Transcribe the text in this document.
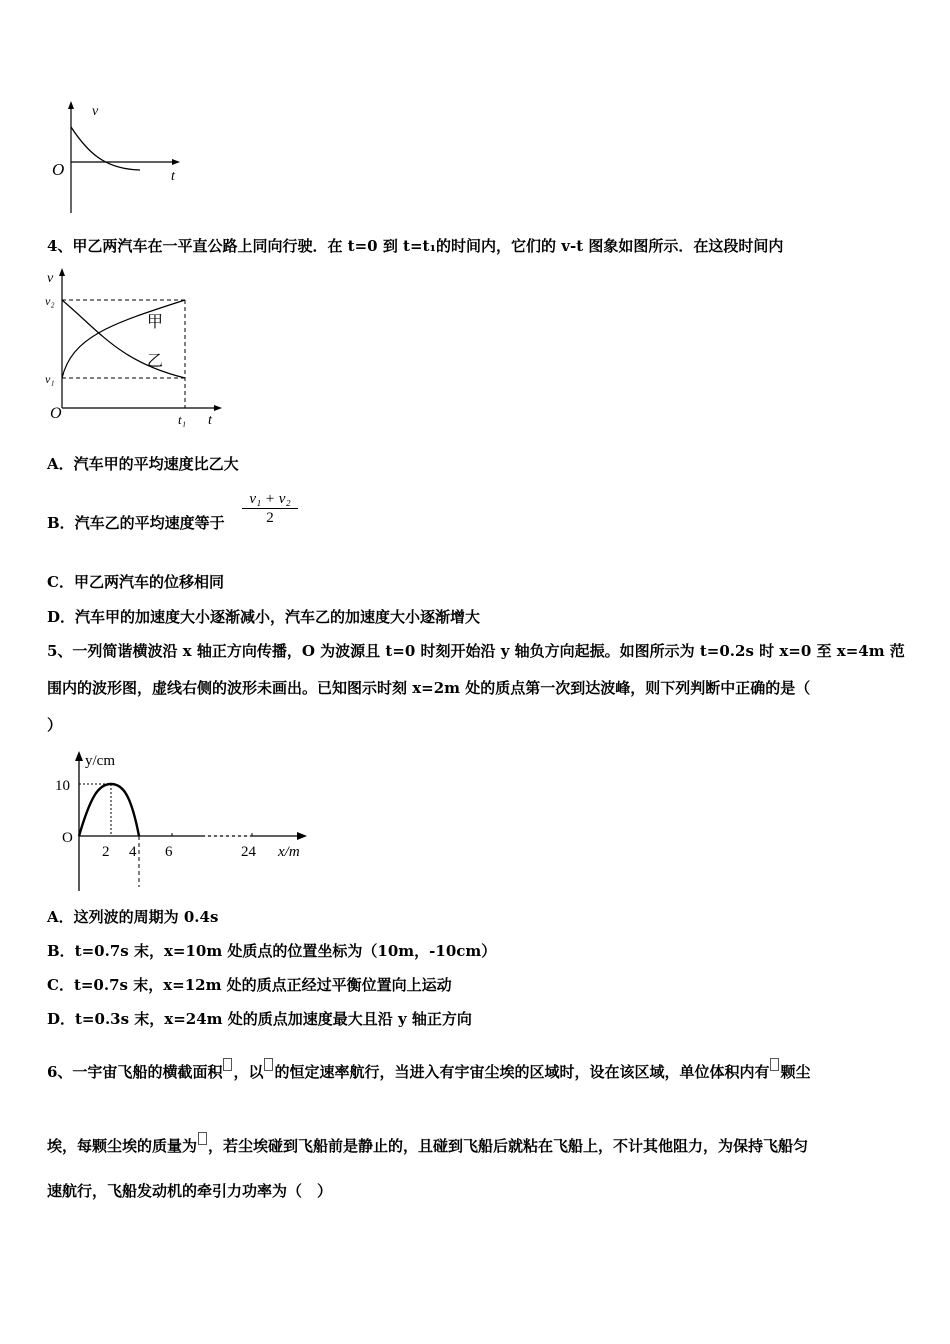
v
O	t
4、甲乙两汽车在一平直公路上同向行驶．在 t=0 到 t=t₁的时间内，它们的 v-t 图象如图所示．在这段时间内
v
v₂
v₁
O	t₁ t
甲
乙
A．汽车甲的平均速度比乙大
B．汽车乙的平均速度等于 $\frac{\text{v₁ + v₂}}{2}$
C．甲乙两汽车的位移相同
D．汽车甲的加速度大小逐渐减小，汽车乙的加速度大小逐渐增大
5、一列简谐横波沿 x 轴正方向传播，O 为波源且 t=0 时刻开始沿 y 轴负方向起振。如图所示为 t=0.2s 时 x=0 至 x=4m 范
围内的波形图，虚线右侧的波形未画出。已知图示时刻 x=2m 处的质点第一次到达波峰，则下列判断中正确的是（
）
y/cm
10
O
2 4 6	24 x/m
A．这列波的周期为 0.4s
B．t=0.7s 末，x=10m 处质点的位置坐标为（10m，-10cm）
C．t=0.7s 末，x=12m 处的质点正经过平衡位置向上运动
D．t=0.3s 末，x=24m 处的质点加速度最大且沿 y 轴正方向
6、一宇宙飞船的横截面积 ，以 的恒定速率航行，当进入有宇宙尘埃的区域时，设在该区域，单位体积内有 颗尘
埃，每颗尘埃的质量为 ，若尘埃碰到飞船前是静止的，且碰到飞船后就粘在飞船上，不计其他阻力，为保持飞船匀
速航行，飞船发动机的牵引力功率为（　）
